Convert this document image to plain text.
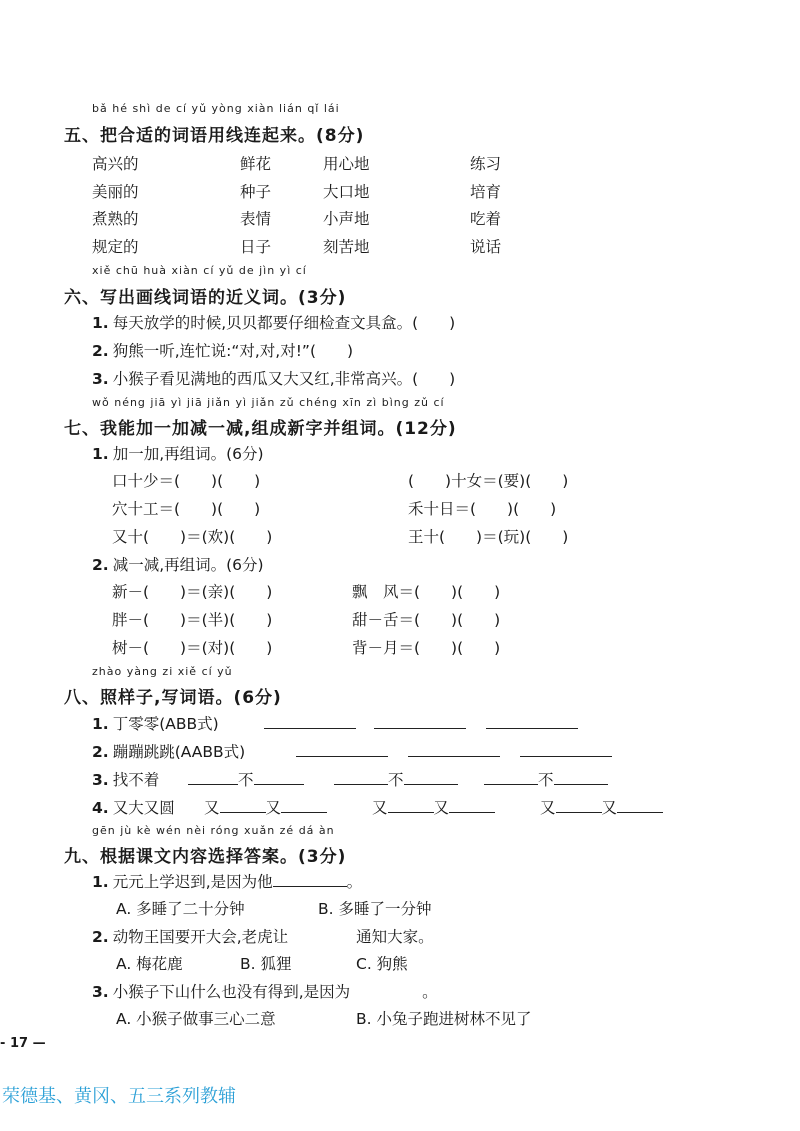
bǎ hé shì de cí yǔ yòng xiàn lián qǐ lái
五、把合适的词语用线连起来。(8分)
高兴的	鲜花	用心地	练习
美丽的	种子	大口地	培育
煮熟的	表情	小声地	吃着
规定的	日子	刻苦地	说话
xiě chū huà xiàn cí yǔ de jìn yì cí
六、写出画线词语的近义词。(3分)
1. 每天放学的时候,贝贝都要仔细检查文具盒。(　　)
2. 狗熊一听,连忙说:“对,对,对!”(　　)
3. 小猴子看见满地的西瓜又大又红,非常高兴。(　　)
wǒ néng jiā yì jiā jiǎn yì jiǎn zǔ chéng xīn zì bìng zǔ cí
七、我能加一加减一减,组成新字并组词。(12分)
1. 加一加,再组词。(6分)
口十少＝(　　)(　　)	(　　)十女＝(要)(　　)
穴十工＝(　　)(　　)	禾十日＝(　　)(　　)
又十(　　)＝(欢)(　　)	王十(　　)＝(玩)(　　)
2. 减一减,再组词。(6分)
新－(　　)＝(亲)(　　)	飘　风＝(　　)(　　)
胖－(　　)＝(半)(　　)	甜－舌＝(　　)(　　)
树－(　　)＝(对)(　　)	背－月＝(　　)(　　)
zhào yàng zi xiě cí yǔ
八、照样子,写词语。(6分)
1. 丁零零(ABB式)
2. 蹦蹦跳跳(AABB式)
3. 找不着	不	不	不
4. 又大又圆 又	又	又	又	又	又
gēn jù kè wén nèi róng xuǎn zé dá àn
九、根据课文内容选择答案。(3分)
1. 元元上学迟到,是因为他	。
A. 多睡了二十分钟	B. 多睡了一分钟
2. 动物王国要开大会,老虎让	通知大家。
A. 梅花鹿	B. 狐狸	C. 狗熊
3. 小猴子下山什么也没有得到,是因为	。
A. 小猴子做事三心二意	B. 小兔子跑进树林不见了
- 17 —
荣德基、黄冈、五三系列教辅
